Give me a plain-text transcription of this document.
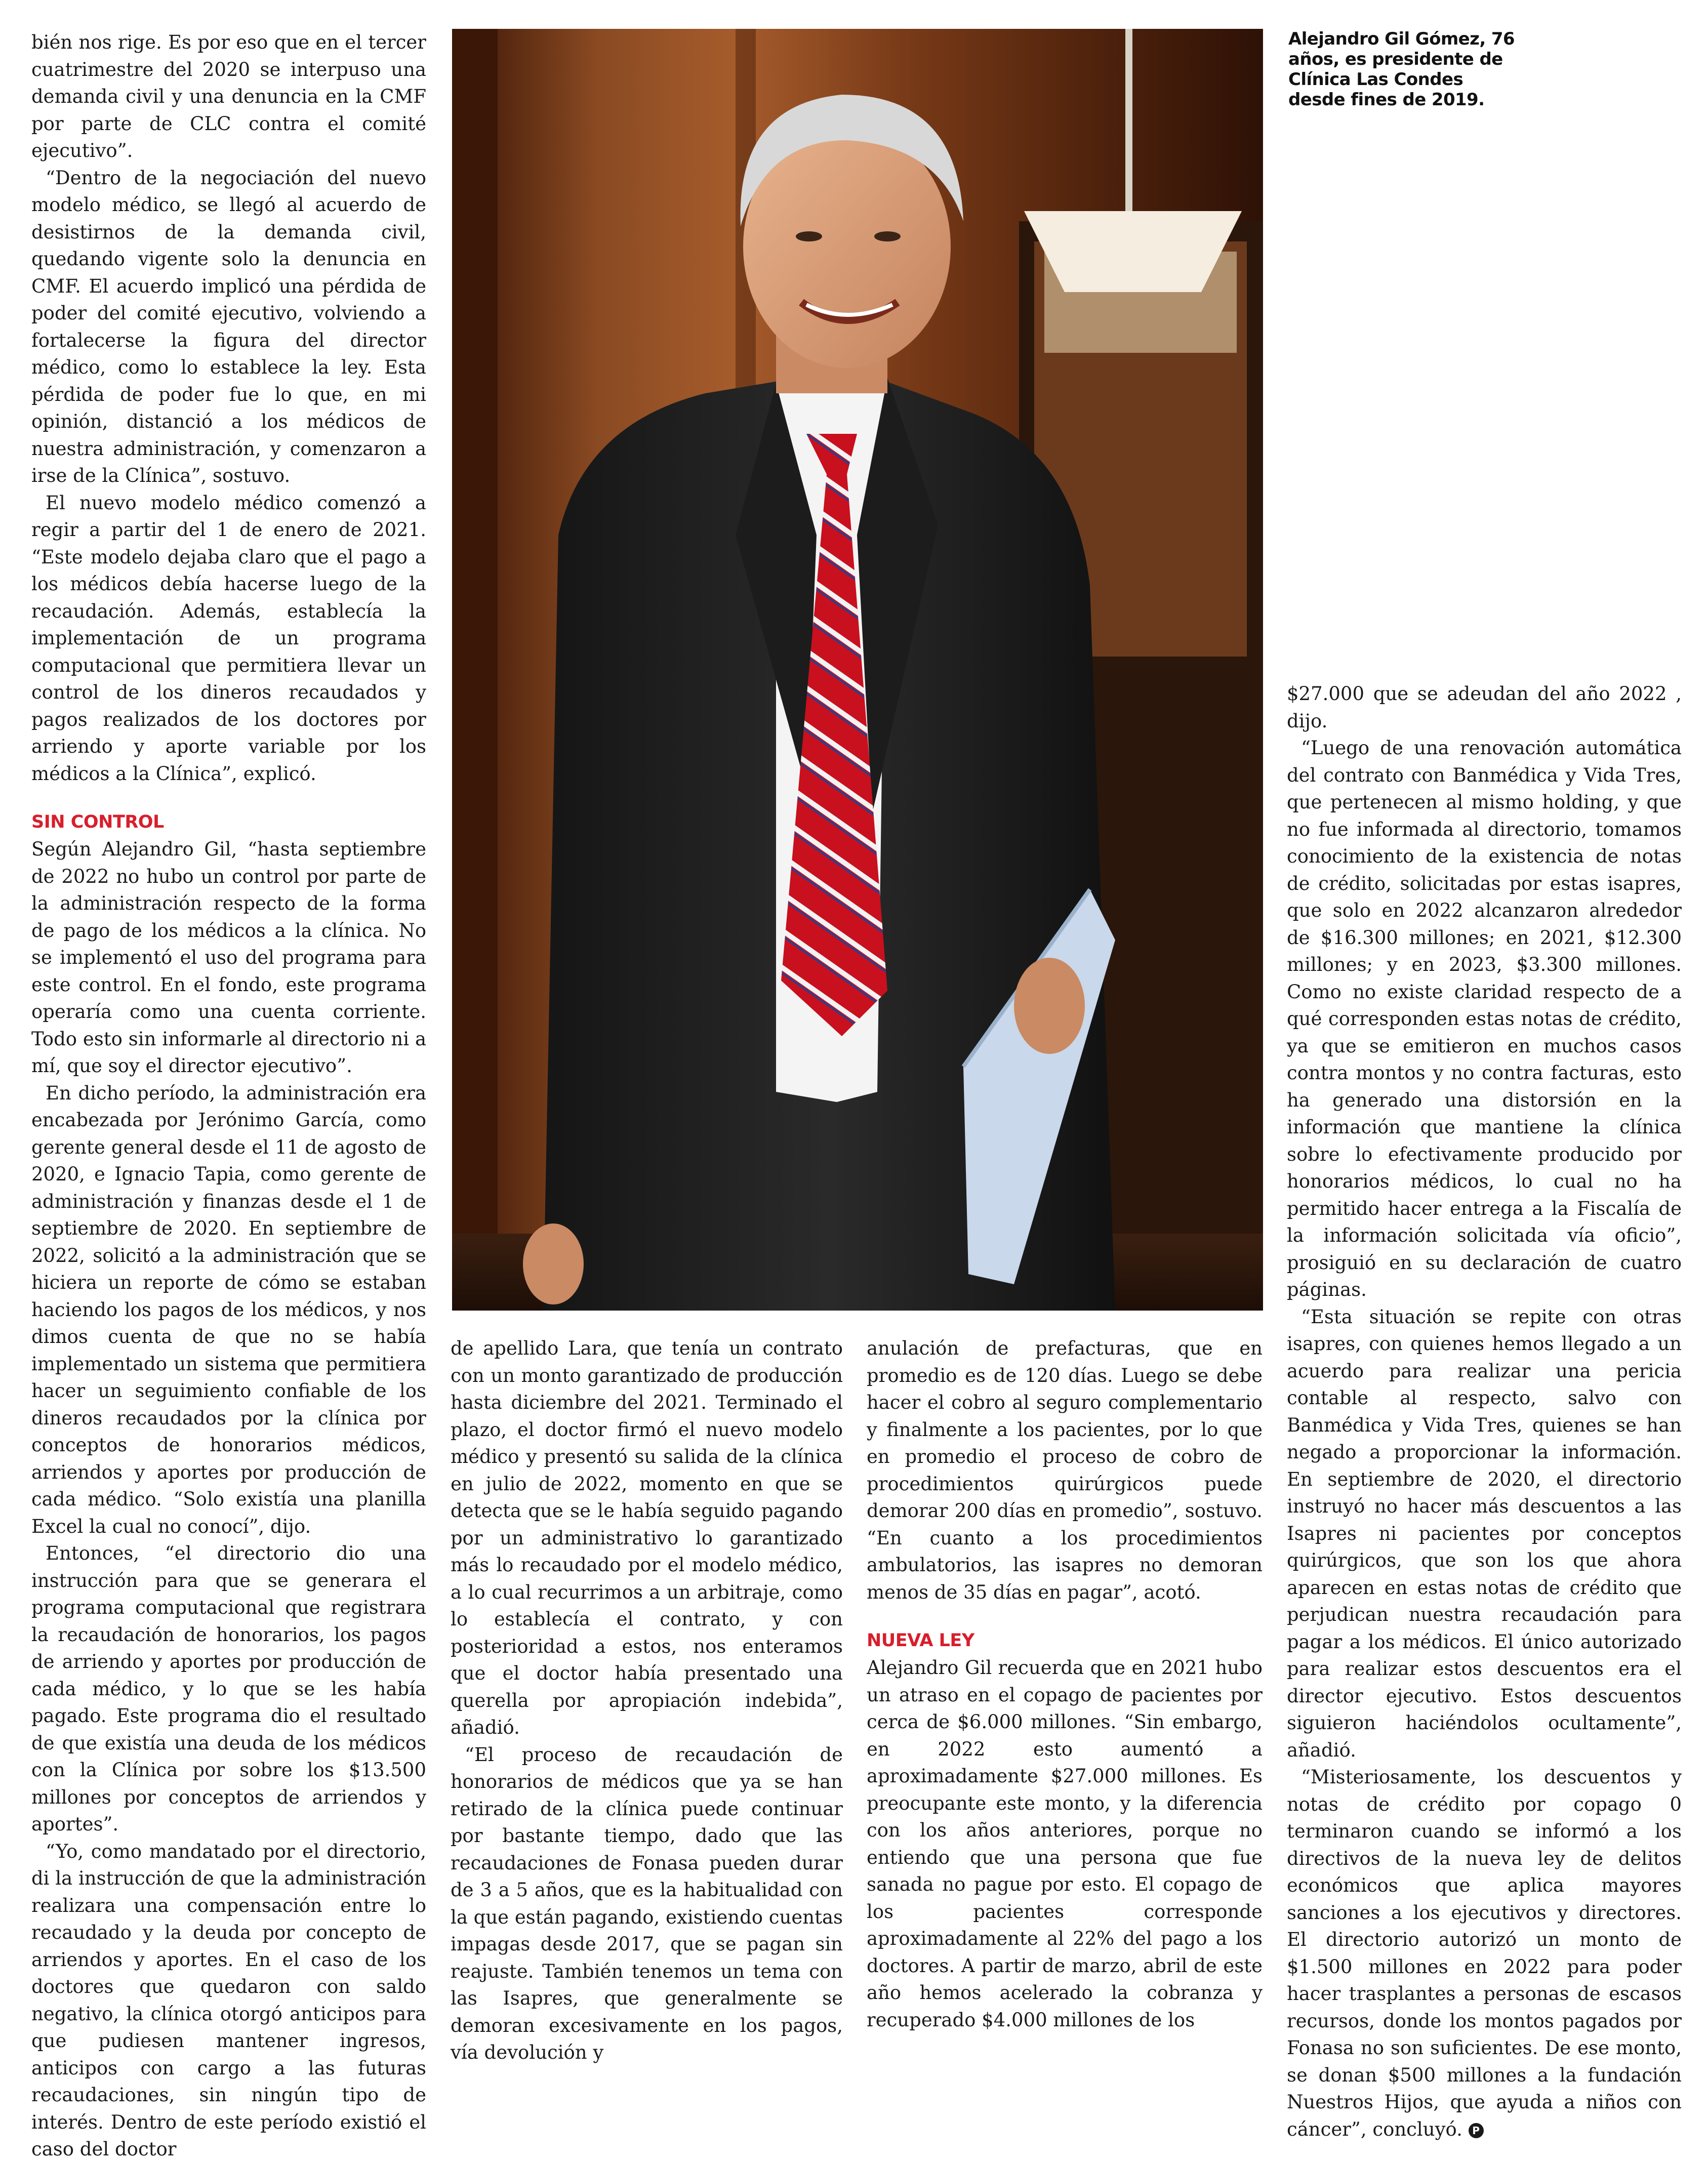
bién nos rige. Es por eso que en el tercer cuatrimestre del 2020 se interpuso una demanda civil y una denuncia en la CMF por parte de CLC contra el comité ejecutivo”.

“Dentro de la negociación del nuevo modelo médico, se llegó al acuerdo de desistirnos de la demanda civil, quedando vigente solo la denuncia en CMF. El acuerdo implicó una pérdida de poder del comité ejecutivo, volviendo a fortalecerse la figura del director médico, como lo establece la ley. Esta pérdida de poder fue lo que, en mi opinión, distanció a los médicos de nuestra administración, y comenzaron a irse de la Clínica”, sostuvo.

El nuevo modelo médico comenzó a regir a partir del 1 de enero de 2021. “Este modelo dejaba claro que el pago a los médicos debía hacerse luego de la recaudación. Además, establecía la implementación de un programa computacional que permitiera llevar un control de los dineros recaudados y pagos realizados de los doctores por arriendo y aporte variable por los médicos a la Clínica”, explicó.

SIN CONTROL

Según Alejandro Gil, “hasta septiembre de 2022 no hubo un control por parte de la administración respecto de la forma de pago de los médicos a la clínica. No se implementó el uso del programa para este control. En el fondo, este programa operaría como una cuenta corriente. Todo esto sin informarle al directorio ni a mí, que soy el director ejecutivo”.

En dicho período, la administración era encabezada por Jerónimo García, como gerente general desde el 11 de agosto de 2020, e Ignacio Tapia, como gerente de administración y finanzas desde el 1 de septiembre de 2020. En septiembre de 2022, solicitó a la administración que se hiciera un reporte de cómo se estaban haciendo los pagos de los médicos, y nos dimos cuenta de que no se había implementado un sistema que permitiera hacer un seguimiento confiable de los dineros recaudados por la clínica por conceptos de honorarios médicos, arriendos y aportes por producción de cada médico. “Solo existía una planilla Excel la cual no conocí”, dijo.

Entonces, “el directorio dio una instrucción para que se generara el programa computacional que registrara la recaudación de honorarios, los pagos de arriendo y aportes por producción de cada médico, y lo que se les había pagado. Este programa dio el resultado de que existía una deuda de los médicos con la Clínica por sobre los $13.500 millones por conceptos de arriendos y aportes”.

“Yo, como mandatado por el directorio, di la instrucción de que la administración realizara una compensación entre lo recaudado y la deuda por concepto de arriendos y aportes. En el caso de los doctores que quedaron con saldo negativo, la clínica otorgó anticipos para que pudiesen mantener ingresos, anticipos con cargo a las futuras recaudaciones, sin ningún tipo de interés. Dentro de este período existió el caso del doctor

Alejandro Gil Gómez, 76 años, es presidente de Clínica Las Condes desde fines de 2019.

de apellido Lara, que tenía un contrato con un monto garantizado de producción hasta diciembre del 2021. Terminado el plazo, el doctor firmó el nuevo modelo médico y presentó su salida de la clínica en julio de 2022, momento en que se detecta que se le había seguido pagando por un administrativo lo garantizado más lo recaudado por el modelo médico, a lo cual recurrimos a un arbitraje, como lo establecía el contrato, y con posterioridad a estos, nos enteramos que el doctor había presentado una querella por apropiación indebida”, añadió.

“El proceso de recaudación de honorarios de médicos que ya se han retirado de la clínica puede continuar por bastante tiempo, dado que las recaudaciones de Fonasa pueden durar de 3 a 5 años, que es la habitualidad con la que están pagando, existiendo cuentas impagas desde 2017, que se pagan sin reajuste. También tenemos un tema con las Isapres, que generalmente se demoran excesivamente en los pagos, vía devolución y

anulación de prefacturas, que en promedio es de 120 días. Luego se debe hacer el cobro al seguro complementario y finalmente a los pacientes, por lo que en promedio el proceso de cobro de procedimientos quirúrgicos puede demorar 200 días en promedio”, sostuvo. “En cuanto a los procedimientos ambulatorios, las isapres no demoran menos de 35 días en pagar”, acotó.

NUEVA LEY

Alejandro Gil recuerda que en 2021 hubo un atraso en el copago de pacientes por cerca de $6.000 millones. “Sin embargo, en 2022 esto aumentó a aproximadamente $27.000 millones. Es preocupante este monto, y la diferencia con los años anteriores, porque no entiendo que una persona que fue sanada no pague por esto. El copago de los pacientes corresponde aproximadamente al 22% del pago a los doctores. A partir de marzo, abril de este año hemos acelerado la cobranza y recuperado $4.000 millones de los

$27.000 que se adeudan del año 2022 , dijo.

“Luego de una renovación automática del contrato con Banmédica y Vida Tres, que pertenecen al mismo holding, y que no fue informada al directorio, tomamos conocimiento de la existencia de notas de crédito, solicitadas por estas isapres, que solo en 2022 alcanzaron alrededor de $16.300 millones; en 2021, $12.300 millones; y en 2023, $3.300 millones. Como no existe claridad respecto de a qué corresponden estas notas de crédito, ya que se emitieron en muchos casos contra montos y no contra facturas, esto ha generado una distorsión en la información que mantiene la clínica sobre lo efectivamente producido por honorarios médicos, lo cual no ha permitido hacer entrega a la Fiscalía de la información solicitada vía oficio”, prosiguió en su declaración de cuatro páginas.

“Esta situación se repite con otras isapres, con quienes hemos llegado a un acuerdo para realizar una pericia contable al respecto, salvo con Banmédica y Vida Tres, quienes se han negado a proporcionar la información. En septiembre de 2020, el directorio instruyó no hacer más descuentos a las Isapres ni pacientes por conceptos quirúrgicos, que son los que ahora aparecen en estas notas de crédito que perjudican nuestra recaudación para pagar a los médicos. El único autorizado para realizar estos descuentos era el director ejecutivo. Estos descuentos siguieron haciéndolos ocultamente”, añadió.

“Misteriosamente, los descuentos y notas de crédito por copago 0 terminaron cuando se informó a los directivos de la nueva ley de delitos económicos que aplica mayores sanciones a los ejecutivos y directores. El directorio autorizó un monto de $1.500 millones en 2022 para poder hacer trasplantes a personas de escasos recursos, donde los montos pagados por Fonasa no son suficientes. De ese monto, se donan $500 millones a la fundación Nuestros Hijos, que ayuda a niños con cáncer”, concluyó. P
